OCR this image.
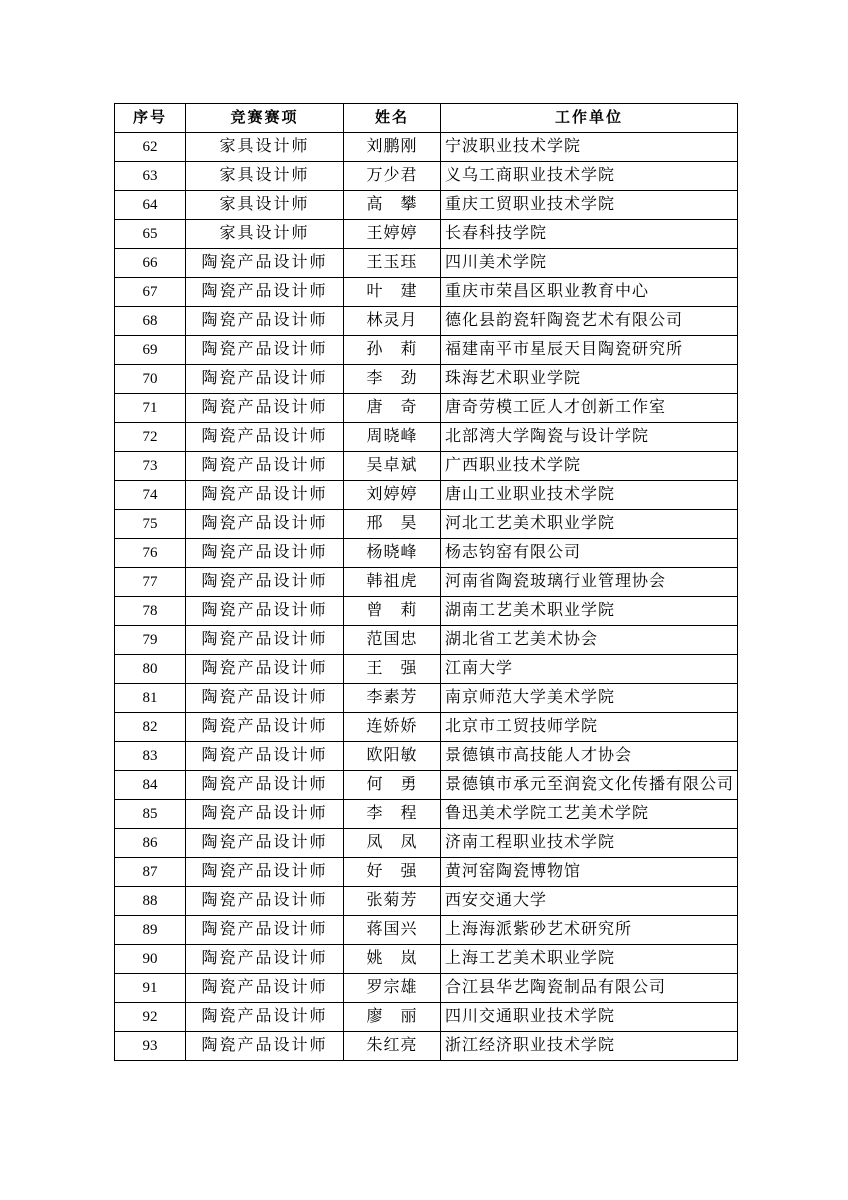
序号	竞赛赛项	姓名	工作单位
62	家具设计师	刘鹏刚	宁波职业技术学院
63	家具设计师	万少君	义乌工商职业技术学院
64	家具设计师	高　攀	重庆工贸职业技术学院
65	家具设计师	王婷婷	长春科技学院
66	陶瓷产品设计师	王玉珏	四川美术学院
67	陶瓷产品设计师	叶　建	重庆市荣昌区职业教育中心
68	陶瓷产品设计师	林灵月	德化县韵瓷轩陶瓷艺术有限公司
69	陶瓷产品设计师	孙　莉	福建南平市星辰天目陶瓷研究所
70	陶瓷产品设计师	李　劲	珠海艺术职业学院
71	陶瓷产品设计师	唐　奇	唐奇劳模工匠人才创新工作室
72	陶瓷产品设计师	周晓峰	北部湾大学陶瓷与设计学院
73	陶瓷产品设计师	吴卓斌	广西职业技术学院
74	陶瓷产品设计师	刘婷婷	唐山工业职业技术学院
75	陶瓷产品设计师	邢　昊	河北工艺美术职业学院
76	陶瓷产品设计师	杨晓峰	杨志钧窑有限公司
77	陶瓷产品设计师	韩祖虎	河南省陶瓷玻璃行业管理协会
78	陶瓷产品设计师	曾　莉	湖南工艺美术职业学院
79	陶瓷产品设计师	范国忠	湖北省工艺美术协会
80	陶瓷产品设计师	王　强	江南大学
81	陶瓷产品设计师	李素芳	南京师范大学美术学院
82	陶瓷产品设计师	连娇娇	北京市工贸技师学院
83	陶瓷产品设计师	欧阳敏	景德镇市高技能人才协会
84	陶瓷产品设计师	何　勇	景德镇市承元至润瓷文化传播有限公司
85	陶瓷产品设计师	李　程	鲁迅美术学院工艺美术学院
86	陶瓷产品设计师	凤　凤	济南工程职业技术学院
87	陶瓷产品设计师	好　强	黄河窑陶瓷博物馆
88	陶瓷产品设计师	张菊芳	西安交通大学
89	陶瓷产品设计师	蒋国兴	上海海派紫砂艺术研究所
90	陶瓷产品设计师	姚　岚	上海工艺美术职业学院
91	陶瓷产品设计师	罗宗雄	合江县华艺陶瓷制品有限公司
92	陶瓷产品设计师	廖　丽	四川交通职业技术学院
93	陶瓷产品设计师	朱红亮	浙江经济职业技术学院
